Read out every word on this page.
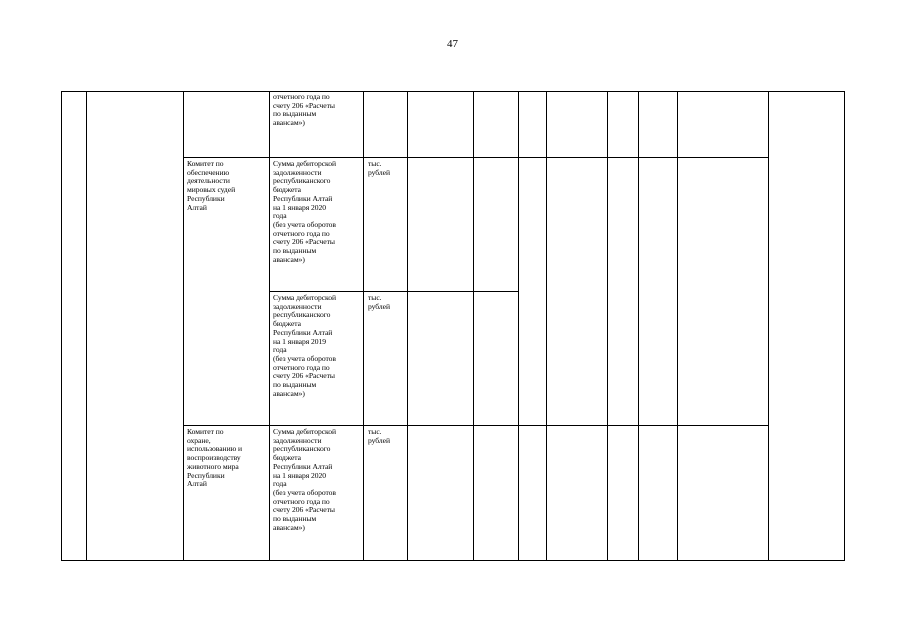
47
отчетного года по
счету 206 «Расчеты
по выданным
авансам»)
Комитет по
обеспечению
деятельности
мировых судей
Республики
Алтай
Сумма дебиторской
задолженности
республиканского
бюджета
Республики Алтай
на 1 января 2020
года
(без учета оборотов
отчетного года по
счету 206 «Расчеты
по выданным
авансам»)
тыс.
рублей
Сумма дебиторской
задолженности
республиканского
бюджета
Республики Алтай
на 1 января 2019
года
(без учета оборотов
отчетного года по
счету 206 «Расчеты
по выданным
авансам»)
тыс.
рублей
Комитет по
охране,
использованию и
воспроизводству
животного мира
Республики
Алтай
Сумма дебиторской
задолженности
республиканского
бюджета
Республики Алтай
на 1 января 2020
года
(без учета оборотов
отчетного года по
счету 206 «Расчеты
по выданным
авансам»)
тыс.
рублей
